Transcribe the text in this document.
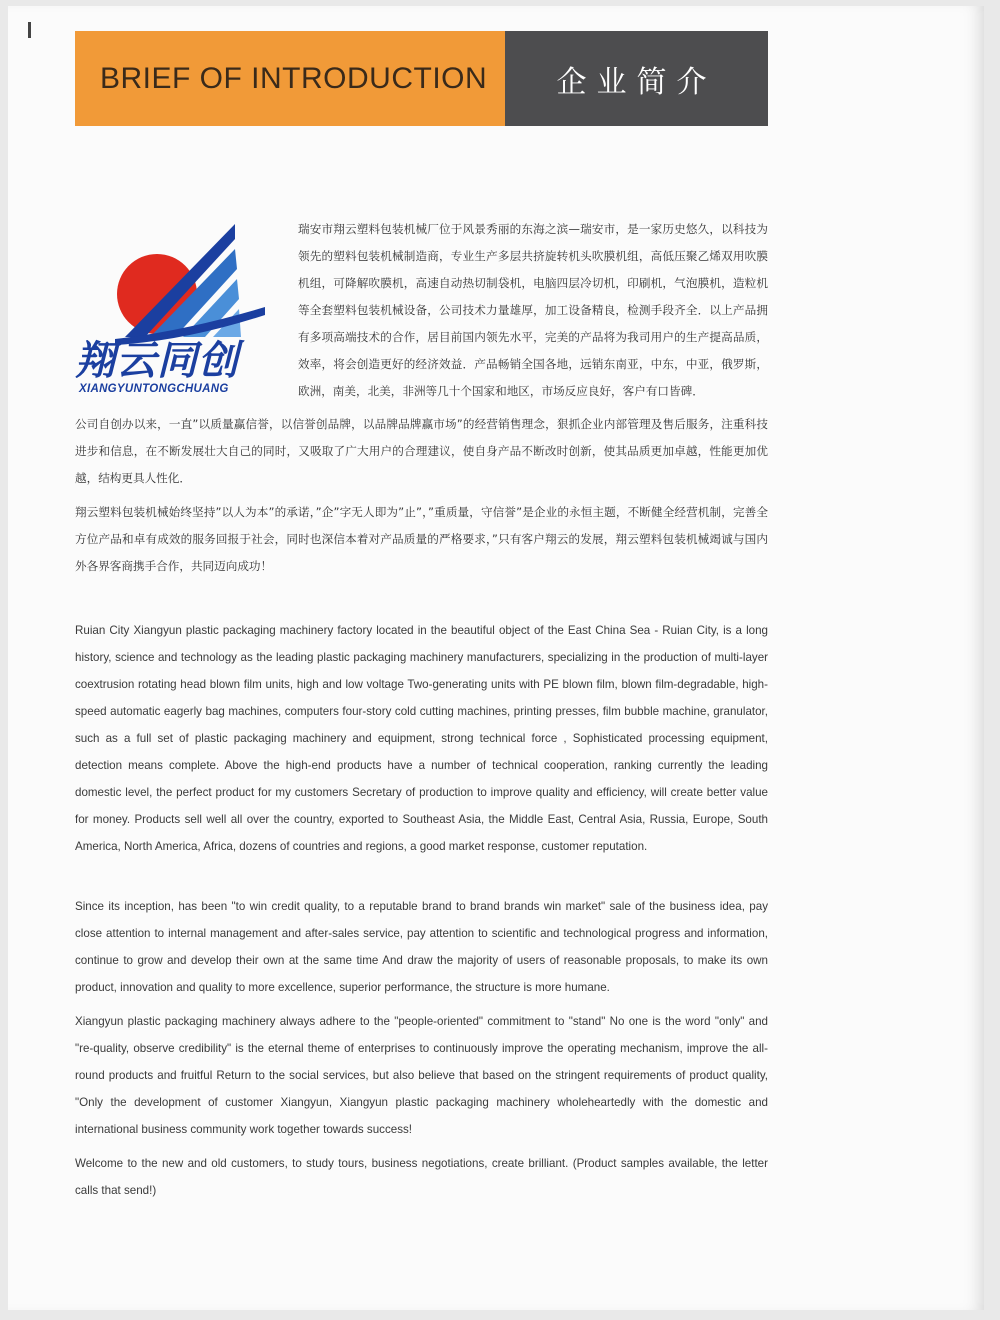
BRIEF OF INTRODUCTION	企业简介
翔云同创
XIANGYUNTONGCHUANG

瑞安市翔云塑料包装机械厂位于风景秀丽的东海之滨—瑞安市，是一家历史悠久，以科技为领先的塑料包装机械制造商，专业生产多层共挤旋转机头吹膜机组，高低压聚乙烯双用吹膜机组，可降解吹膜机，高速自动热切制袋机，电脑四层冷切机，印刷机，气泡膜机，造粒机等全套塑料包装机械设备，公司技术力量雄厚，加工设备精良，检测手段齐全．以上产品拥有多项高端技术的合作，居目前国内领先水平，完美的产品将为我司用户的生产提高品质，效率，将会创造更好的经济效益．产品畅销全国各地，远销东南亚，中东，中亚，俄罗斯，欧洲，南美，北美，非洲等几十个国家和地区，市场反应良好，客户有口皆碑．

公司自创办以来，一直”以质量赢信誉，以信誉创品牌，以品牌品牌赢市场”的经营销售理念，狠抓企业内部管理及售后服务，注重科技进步和信息，在不断发展壮大自己的同时，又吸取了广大用户的合理建议，使自身产品不断改时创新，使其品质更加卓越，性能更加优越，结构更具人性化．

翔云塑料包装机械始终坚持”以人为本”的承诺，”企”字无人即为”止”，”重质量，守信誉”是企业的永恒主题，不断健全经营机制，完善全方位产品和卓有成效的服务回报于社会，同时也深信本着对产品质量的严格要求，”只有客户翔云的发展，翔云塑料包装机械竭诚与国内外各界客商携手合作，共同迈向成功！

Ruian City Xiangyun plastic packaging machinery factory located in the beautiful object of the East China Sea - Ruian City, is a long history, science and technology as the leading plastic packaging machinery manufacturers, specializing in the production of multi-layer coextrusion rotating head blown film units, high and low voltage Two-generating units with PE blown film, blown film-degradable, high-speed automatic eagerly bag machines, computers four-story cold cutting machines, printing presses, film bubble machine, granulator, such as a full set of plastic packaging machinery and equipment, strong technical force , Sophisticated processing equipment, detection means complete. Above the high-end products have a number of technical cooperation, ranking currently the leading domestic level, the perfect product for my customers Secretary of production to improve quality and efficiency, will create better value for money. Products sell well all over the country, exported to Southeast Asia, the Middle East, Central Asia, Russia, Europe, South America, North America, Africa, dozens of countries and regions, a good market response, customer reputation.

Since its inception, has been "to win credit quality, to a reputable brand to brand brands win market" sale of the business idea, pay close attention to internal management and after-sales service, pay attention to scientific and technological progress and information, continue to grow and develop their own at the same time And draw the majority of users of reasonable proposals, to make its own product, innovation and quality to more excellence, superior performance, the structure is more humane.

Xiangyun plastic packaging machinery always adhere to the "people-oriented" commitment to "stand" No one is the word "only" and "re-quality, observe credibility" is the eternal theme of enterprises to continuously improve the operating mechanism, improve the all-round products and fruitful Return to the social services, but also believe that based on the stringent requirements of product quality, "Only the development of customer Xiangyun, Xiangyun plastic packaging machinery wholeheartedly with the domestic and international business community work together towards success!

Welcome to the new and old customers, to study tours, business negotiations, create brilliant. (Product samples available, the letter calls that send!)
